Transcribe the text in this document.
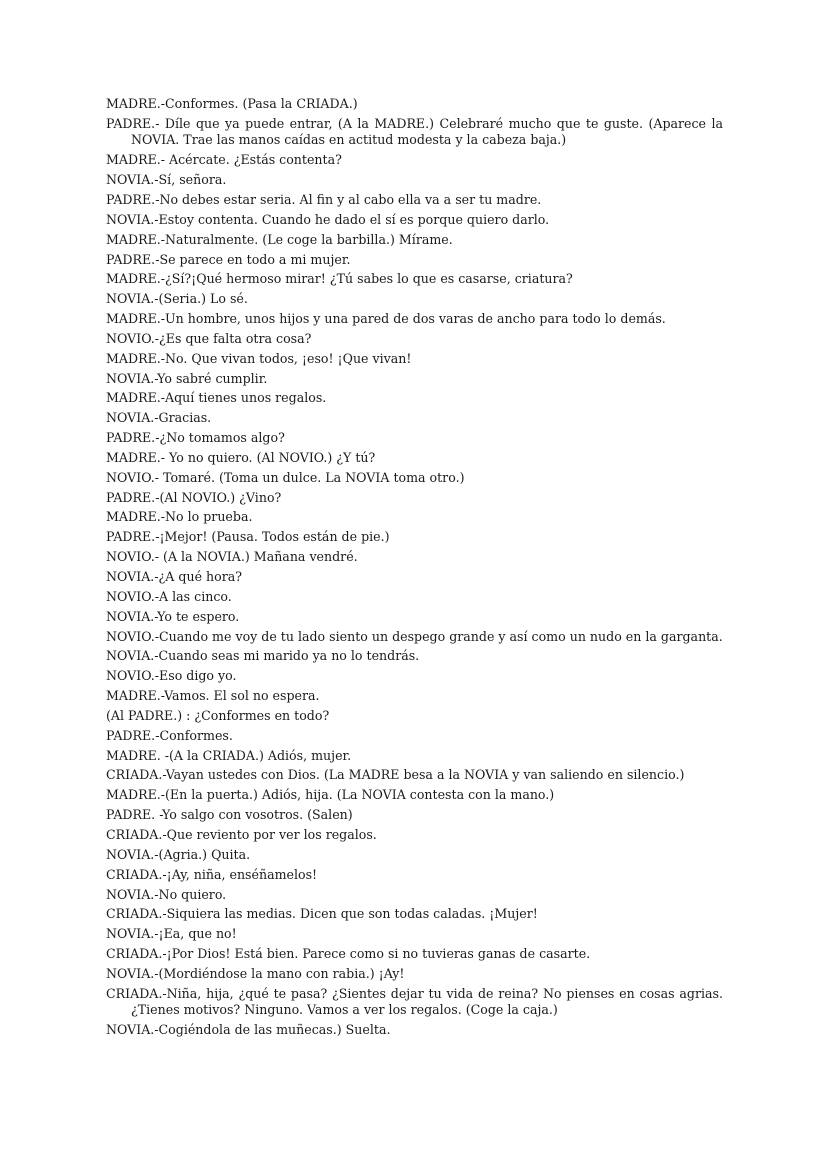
MADRE.-Conformes. (Pasa la CRIADA.)

PADRE.- Díle que ya puede entrar, (A la MADRE.) Celebraré mucho que te guste. (Aparece la NOVIA. Trae las manos caídas en actitud modesta y la cabeza baja.)

MADRE.- Acércate. ¿Estás contenta?

NOVIA.-Sí, señora.

PADRE.-No debes estar seria. Al fin y al cabo ella va a ser tu madre.

NOVIA.-Estoy contenta. Cuando he dado el sí es porque quiero darlo.

MADRE.-Naturalmente. (Le coge la barbilla.) Mírame.

PADRE.-Se parece en todo a mi mujer.

MADRE.-¿Sí?¡Qué hermoso mirar! ¿Tú sabes lo que es casarse, criatura?

NOVIA.-(Seria.) Lo sé.

MADRE.-Un hombre, unos hijos y una pared de dos varas de ancho para todo lo demás.

NOVIO.-¿Es que falta otra cosa?

MADRE.-No. Que vivan todos, ¡eso! ¡Que vivan!

NOVIA.-Yo sabré cumplir.

MADRE.-Aquí tienes unos regalos.

NOVIA.-Gracias.

PADRE.-¿No tomamos algo?

MADRE.- Yo no quiero. (Al NOVIO.) ¿Y tú?

NOVIO.- Tomaré. (Toma un dulce. La NOVIA toma otro.)

PADRE.-(Al NOVIO.) ¿Vino?

MADRE.-No lo prueba.

PADRE.-¡Mejor! (Pausa. Todos están de pie.)

NOVIO.- (A la NOVIA.) Mañana vendré.

NOVIA.-¿A qué hora?

NOVIO.-A las cinco.

NOVIA.-Yo te espero.

NOVIO.-Cuando me voy de tu lado siento un despego grande y así como un nudo en la garganta.

NOVIA.-Cuando seas mi marido ya no lo tendrás.

NOVIO.-Eso digo yo.

MADRE.-Vamos. El sol no espera.

(Al PADRE.) : ¿Conformes en todo?

PADRE.-Conformes.

MADRE. -(A la CRIADA.) Adiós, mujer.

CRIADA.-Vayan ustedes con Dios. (La MADRE besa a la NOVIA y van saliendo en silencio.)

MADRE.-(En la puerta.) Adiós, hija. (La NOVIA contesta con la mano.)

PADRE. -Yo salgo con vosotros. (Salen)

CRIADA.-Que reviento por ver los regalos.

NOVIA.-(Agria.) Quita.

CRIADA.-¡Ay, niña, enséñamelos!

NOVIA.-No quiero.

CRIADA.-Siquiera las medias. Dicen que son todas caladas. ¡Mujer!

NOVIA.-¡Ea, que no!

CRIADA.-¡Por Dios! Está bien. Parece como si no tuvieras ganas de casarte.

NOVIA.-(Mordiéndose la mano con rabia.) ¡Ay!

CRIADA.-Niña, hija, ¿qué te pasa? ¿Sientes dejar tu vida de reina? No pienses en cosas agrias. ¿Tienes motivos? Ninguno. Vamos a ver los regalos. (Coge la caja.)

NOVIA.-Cogiéndola de las muñecas.) Suelta.
